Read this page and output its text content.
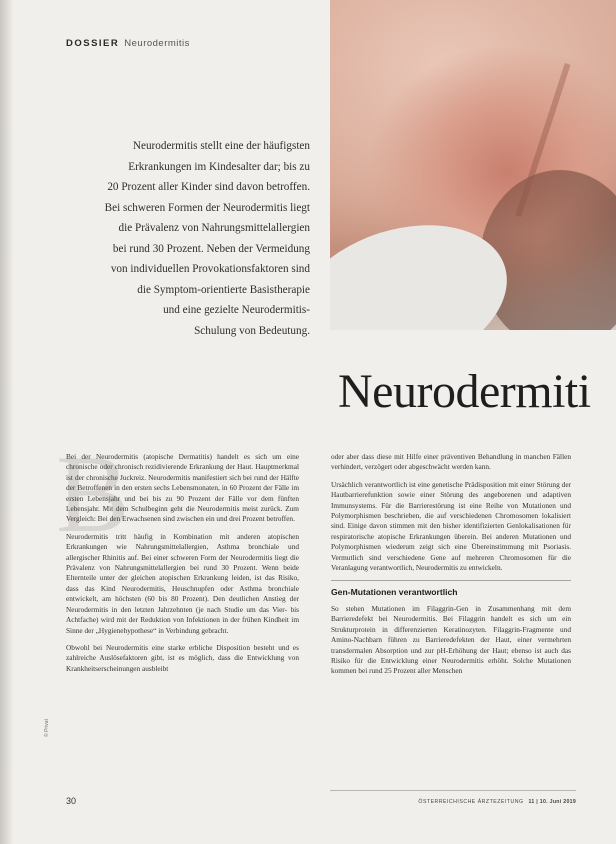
DOSSIER Neurodermitis

Neurodermitis stellt eine der häufigsten
Erkrankungen im Kindesalter dar; bis zu
20 Prozent aller Kinder sind davon betroffen.
Bei schweren Formen der Neurodermitis liegt
die Prävalenz von Nahrungsmittelallergien
bei rund 30 Prozent. Neben der Vermeidung
von individuellen Provokationsfaktoren sind
die Symptom-orientierte Basistherapie
und eine gezielte Neurodermitis-
Schulung von Bedeutung.

Neurodermiti
B

Bei der Neurodermitis (atopische Dermatitis) handelt es sich um eine chronische oder chronisch rezidivierende Erkrankung der Haut. Hauptmerkmal ist der chronische Juckreiz. Neurodermitis manifestiert sich bei rund der Hälfte der Betroffenen in den ersten sechs Lebensmonaten, in 60 Prozent der Fälle im ersten Lebensjahr und bei bis zu 90 Prozent der Fälle vor dem fünften Lebensjahr. Mit dem Schulbeginn geht die Neurodermitis meist zurück. Zum Vergleich: Bei den Erwachsenen sind zwischen ein und drei Prozent betroffen.

Neurodermitis tritt häufig in Kombination mit anderen atopischen Erkrankungen wie Nahrungsmittelallergien, Asthma bronchiale und allergischer Rhinitis auf. Bei einer schweren Form der Neurodermitis liegt die Prävalenz von Nahrungsmittelallergien bei rund 30 Prozent. Wenn beide Elternteile unter der gleichen atopischen Erkrankung leiden, ist das Risiko, dass das Kind Neurodermitis, Heuschnupfen oder Asthma bronchiale entwickelt, am höchsten (60 bis 80 Prozent). Den deutlichen Anstieg der Neurodermitis in den letzten Jahrzehnten (je nach Studie um das Vier- bis Achtfache) wird mit der Reduktion von Infektionen in der frühen Kindheit im Sinne der „Hygienehypothese“ in Verbindung gebracht.

Obwohl bei Neurodermitis eine starke erbliche Disposition besteht und es zahlreiche Auslösefaktoren gibt, ist es möglich, dass die Entwicklung von Krankheitserscheinungen ausbleibt

oder aber dass diese mit Hilfe einer präventiven Behandlung in manchen Fällen verhindert, verzögert oder abgeschwächt werden kann.

Ursächlich verantwortlich ist eine genetische Prädisposition mit einer Störung der Hautbarrierefunktion sowie einer Störung des angeborenen und adaptiven Immunsystems. Für die Barrierestörung ist eine Reihe von Mutationen und Polymorphismen beschrieben, die auf verschiedenen Chromosomen lokalisiert sind. Einige davon stimmen mit den bisher identifizierten Genlokalisationen für respiratorische atopische Erkrankungen überein. Bei anderen Mutationen und Polymorphismen wiederum zeigt sich eine Übereinstimmung mit Psoriasis. Vermutlich sind verschiedene Gene auf mehreren Chromosomen für die Veranlagung verantwortlich, Neurodermitis zu entwickeln.

Gen-Mutationen verantwortlich

So stehen Mutationen im Filaggrin-Gen in Zusammenhang mit dem Barrieredefekt bei Neurodermitis. Bei Filaggrin handelt es sich um ein Strukturprotein in differenzierten Keratinozyten. Filaggrin-Fragmente und Amino-Nachbarn führen zu Barrieredefekten der Haut, einer vermehrten transdermalen Absorption und zur pH-Erhöhung der Haut; ebenso ist auch das Risiko für die Entwicklung einer Neurodermitis erhöht. Solche Mutationen kommen bei rund 25 Prozent aller Menschen

© Privat
30	ÖSTERREICHISCHE ÄRZTEZEITUNG 11 | 10. Juni 2019
